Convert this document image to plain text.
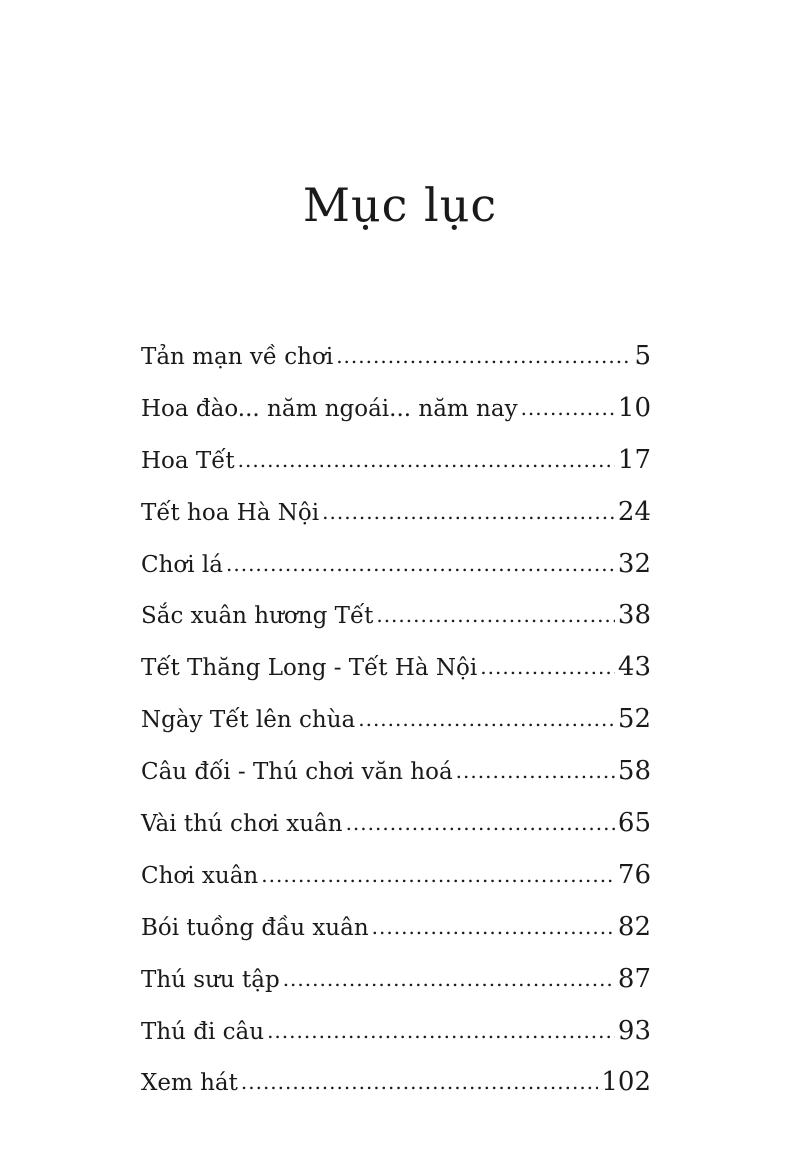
Mục lục
Tản mạn về chơi .....	5
Hoa đào... năm ngoái... năm nay .....	10
Hoa Tết .....	17
Tết hoa Hà Nội .....	24
Chơi lá .....	32
Sắc xuân hương Tết .....	38
Tết Thăng Long - Tết Hà Nội .....	43
Ngày Tết lên chùa .....	52
Câu đối - Thú chơi văn hoá .....	58
Vài thú chơi xuân .....	65
Chơi xuân .....	76
Bói tuồng đầu xuân .....	82
Thú sưu tập .....	87
Thú đi câu .....	93
Xem hát .....	102
